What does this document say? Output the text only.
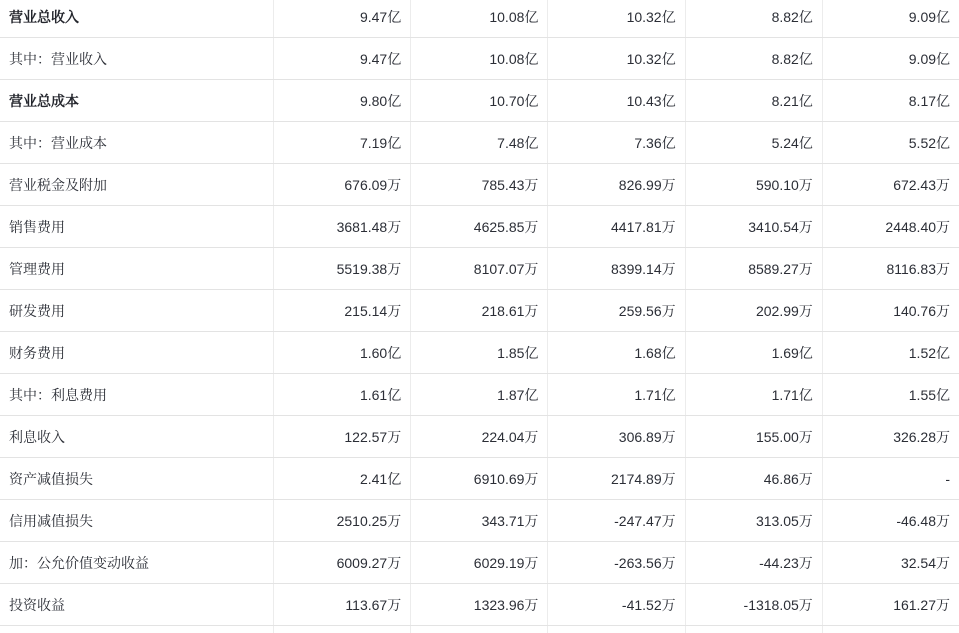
营业总收入	9.47亿	10.08亿	10.32亿	8.82亿	9.09亿
其中：营业收入	9.47亿	10.08亿	10.32亿	8.82亿	9.09亿
营业总成本	9.80亿	10.70亿	10.43亿	8.21亿	8.17亿
其中：营业成本	7.19亿	7.48亿	7.36亿	5.24亿	5.52亿
营业税金及附加	676.09万	785.43万	826.99万	590.10万	672.43万
销售费用	3681.48万	4625.85万	4417.81万	3410.54万	2448.40万
管理费用	5519.38万	8107.07万	8399.14万	8589.27万	8116.83万
研发费用	215.14万	218.61万	259.56万	202.99万	140.76万
财务费用	1.60亿	1.85亿	1.68亿	1.69亿	1.52亿
其中：利息费用	1.61亿	1.87亿	1.71亿	1.71亿	1.55亿
利息收入	122.57万	224.04万	306.89万	155.00万	326.28万
资产减值损失	2.41亿	6910.69万	2174.89万	46.86万	-
信用减值损失	2510.25万	343.71万	-247.47万	313.05万	-46.48万
加：公允价值变动收益	6009.27万	6029.19万	-263.56万	-44.23万	32.54万
投资收益	113.67万	1323.96万	-41.52万	-1318.05万	161.27万
